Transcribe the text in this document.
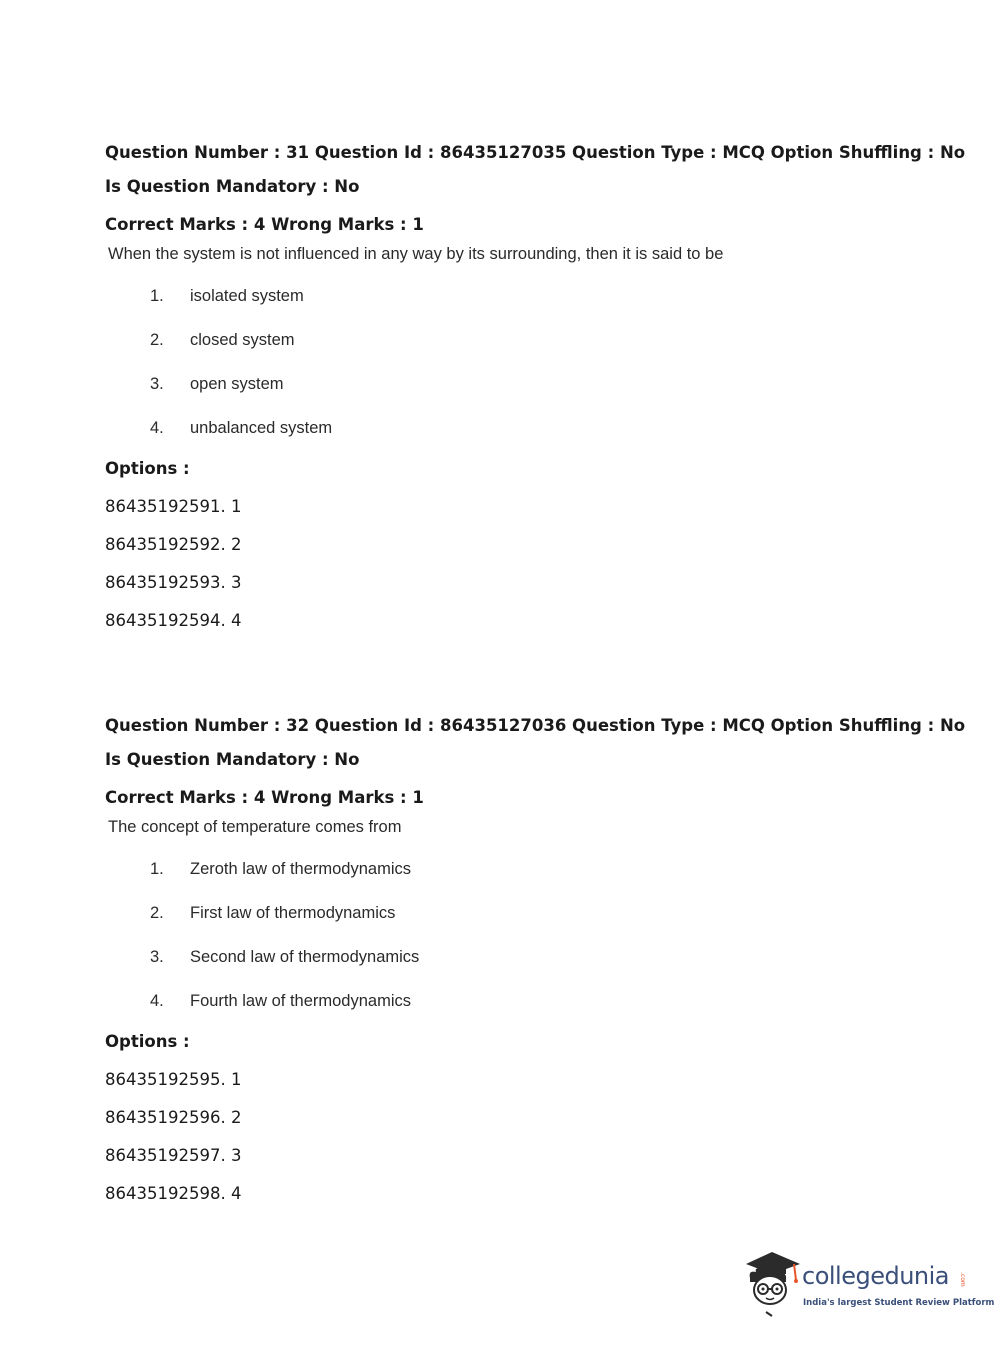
Question Number : 31 Question Id : 86435127035 Question Type : MCQ Option Shuffling : No

Is Question Mandatory : No

Correct Marks : 4 Wrong Marks : 1

When the system is not influenced in any way by its surrounding, then it is said to be
1.	isolated system
2.	closed system
3.	open system
4.	unbalanced system

Options :

86435192591. 1
86435192592. 2
86435192593. 3
86435192594. 4

Question Number : 32 Question Id : 86435127036 Question Type : MCQ Option Shuffling : No

Is Question Mandatory : No

Correct Marks : 4 Wrong Marks : 1

The concept of temperature comes from
1.	Zeroth law of thermodynamics
2.	First law of thermodynamics
3.	Second law of thermodynamics
4.	Fourth law of thermodynamics

Options :

86435192595. 1
86435192596. 2
86435192597. 3
86435192598. 4
collegedunia .com
India's largest Student Review Platform
